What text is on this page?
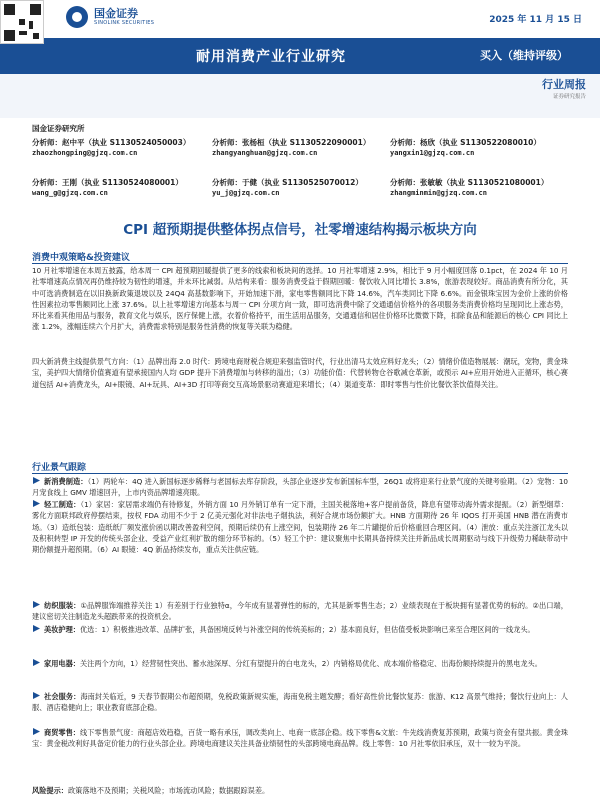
国金证券
SINOLINK SECURITIES	2025 年 11 月 15 日
耐用消费产业行业研究	买入（维持评级）
行业周报
证券研究报告
国金证券研究所
分析师：赵中平（执业 S1130524050003）
zhaozhongping@gjzq.com.cn
分析师：张杨桓（执业 S1130522090001）
zhangyanghuan@gjzq.com.cn
分析师：杨欣（执业 S1130522080010）
yangxin1@gjzq.com.cn
分析师：王刚（执业 S1130524080001）
wang_g@gjzq.com.cn
分析师：于健（执业 S1130525070012）
yu_j@gjzq.com.cn
分析师：张敏敏（执业 S1130521080001）
zhangminmin@gjzq.com.cn
CPI 超预期提供整体拐点信号，社零增速结构揭示板块方向
消费中观策略&投资建议
10 月社零增速在本周五披露，给本周一 CPI 超预期回暖提供了更多的线索和板块间的选择。10 月社零增速 2.9%，相比于 9 月小幅度回落 0.1pct，在 2024 年 10 月社零增速高点情况再仍维持较为韧性的增速，并未环比减弱。从结构来看：服务消费受益于假期回暖：餐饮收入同比增长 3.8%，旅游表现较好。商品消费有所分化，其中可选消费制造在以旧换新政策退坡以及 24Q4 高基数影响下，开始加速下滑，家电零售额同比下降 14.6%，汽车类同比下降 6.6%。而金银珠宝因为金价上涨的价格性因素拉动零售额同比上涨 37.6%。以上社零增速方向基本与周一 CPI 分项方向一致，即可选消费中除了交通通信价格外的各项服务类消费价格均呈现同比上涨态势，环比来看其他用品与服务，教育文化与娱乐，医疗保健上涨，衣着价格持平，而生活用品服务，交通通信和居住价格环比微微下降，扣除食品和能源后的核心 CPI 同比上涨 1.2%，涨幅连续六个月扩大，消费需求特别是服务性消费的恢复等关联为稳健。
四大新消费主线提供景气方向：（1）品牌出海 2.0 时代：跨境电商财税合规迎来强监管时代，行业出清马太效应料好龙头；（2）情绪价值造物展展：潮玩，宠物，黄金珠宝，美护四大情绪价值赛道有望承接国内人均 GDP 提升下消费增加与转移的溢出；（3）功能价值：代替转物仓谷歌减仓革新，或预示 AI+应用开始进入正循环，核心赛道包括 AI+消费龙头，AI+眼镜、AI+玩具、AI+3D 打印等商交互高场景驱动赛道迎来增长；（4）渠道变革：即时零售与性价比餐饮茶饮值得关注。
行业景气跟踪
新消费制造：（1）两轮车：4Q 进入新国标逐步稀释与老国标去库存阶段，头部企业逐步发布新国标车型，26Q1 或将迎来行业景气度的关键考验期。（2）宠物：10 月宠食线上 GMV 增速回升，上市内资品牌增速亮眼。
轻工制造：（1）家居：家居需求端仍有待修复，外销方面 10 月外销订单有一定下滑，主国关税落地+客户提前备货，降息有望带动海外需求提振。（2）新型烟草：雾化方面联邦政府停摆结束，按权 FDA 动用不少于 2 亿美元强化对非法电子烟执法，利好合规市场份额扩大。HNB 方面期待 26 年 IQOS 打开美国 HNB 潜在消费市场。（3）造纸包装：造纸纸厂频发涨价函以期改善盈利空间，预期后续仍有上涨空间，包装期待 26 年二片罐提价后价格重回合理区间。（4）泄放：重点关注浙江龙头以及积积转型 IP 开发的传统头部企业、受益产业红利扩散的细分环节标的。（5）轻工个护：建议聚焦中长期具备持续关注并新品成长周期驱动与线下升级势力稀缺带动中期份额提升超预期。（6）AI 眼镜：4Q 新品持续发布，重点关注供应链。
纺织服装：①品牌服饰端推荐关注 1）有差别于行业独特α，今年成有显著弹性的标的，尤其是新零售生态；2）业绩表现在于板块拥有显著优势的标的。②出口端，建议密切关注制造龙头超跌带来的投资机会。
美妆护理：优选：1）积极推进改革、品牌扩张，具备困境反转与补涨空间的传统美标的；2）基本面良好，但估值受板块影响已来至合理区间的一线龙头。
家用电器：关注两个方向，1）经营韧性突出、蓄水池深厚、分红有望提升的白电龙头，2）内销格局优化、成本端价格稳定、出海份额持续提升的黑电龙头。
社会服务：海南封关临近，9 天春节假期公布超预期，免税政策新规实施，海南免税主题发酵；看好高性价比餐饮复苏：旅游、K12 高景气维持；餐饮行业向上：人服、酒店稳健向上；职业教育底部企稳。
商贸零售：线下零售景气度：商超店效趋稳，百货一略有承压，调改类向上、电商一底部企稳。线下零售&文旅：牛先线消费复苏预期，政策与资金有望共振。黄金珠宝：黄金税改利好具备定价能力的行业头部企业。跨境电商建议关注具备业绩韧性的头部跨境电商品牌。线上零售：10 月社零依旧承压，双十一较为平淡。
风险提示：政策落地不及预期；关税风险；市场流动风险；数据跟踪误差。
